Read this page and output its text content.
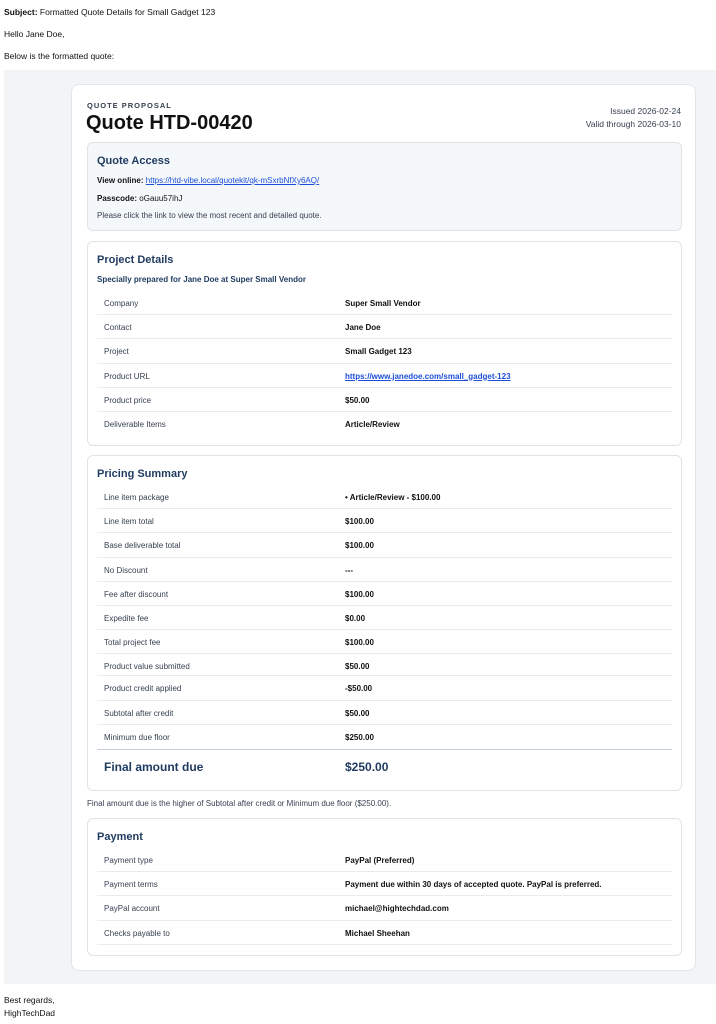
Subject: Formatted Quote Details for Small Gadget 123
Hello Jane Doe,
Below is the formatted quote:
QUOTE PROPOSAL
Quote HTD-00420
Issued 2026-02-24
Valid through 2026-03-10
Quote Access
View online: https://htd-vibe.local/quotekit/qk-mSxrbNfXy6AQ/
Passcode: oGauu57ihJ
Please click the link to view the most recent and detailed quote.
Project Details
Specially prepared for Jane Doe at Super Small Vendor
Company	Super Small Vendor
Contact	Jane Doe
Project	Small Gadget 123
Product URL	https://www.janedoe.com/small_gadget-123
Product price	$50.00
Deliverable Items	Article/Review
Pricing Summary
Line item package	• Article/Review - $100.00
Line item total	$100.00
Base deliverable total	$100.00
No Discount	---
Fee after discount	$100.00
Expedite fee	$0.00
Total project fee	$100.00
Product value submitted	$50.00
Product credit applied	-$50.00
Subtotal after credit	$50.00
Minimum due floor	$250.00
Final amount due	$250.00
Final amount due is the higher of Subtotal after credit or Minimum due floor ($250.00).
Payment
Payment type	PayPal (Preferred)
Payment terms	Payment due within 30 days of accepted quote. PayPal is preferred.
PayPal account	michael@hightechdad.com
Checks payable to	Michael Sheehan
Best regards,
HighTechDad
